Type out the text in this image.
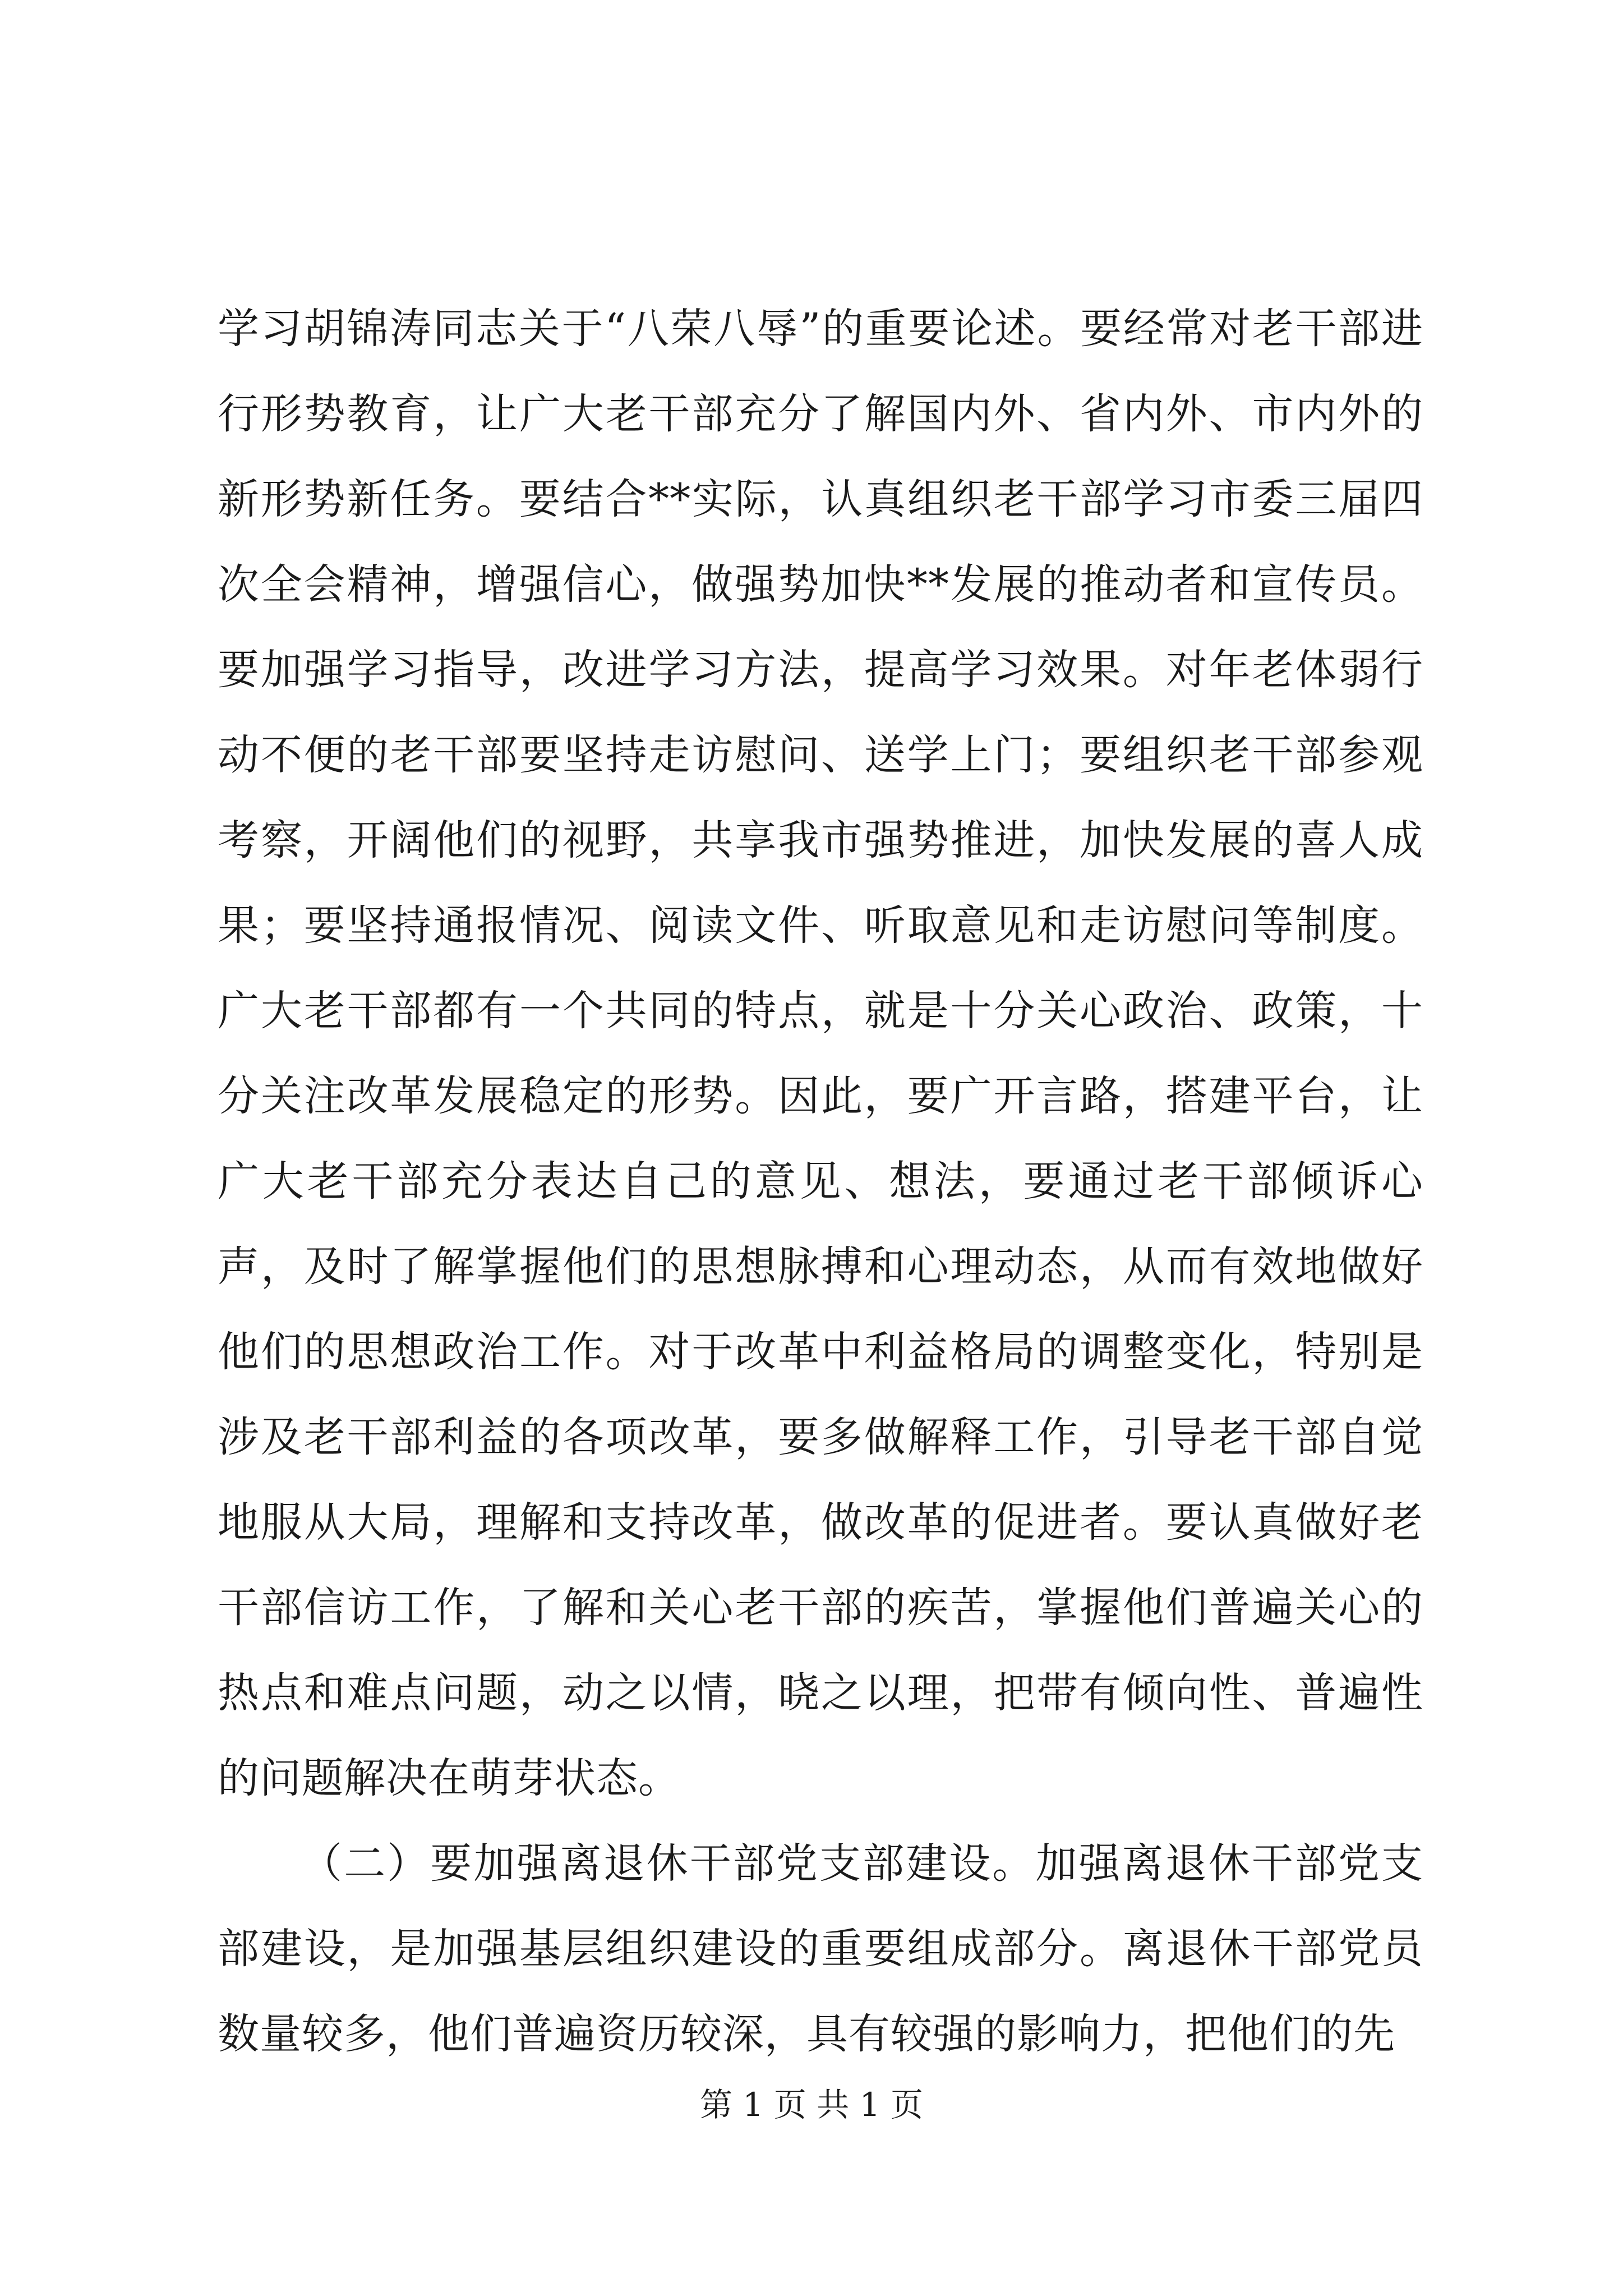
学习胡锦涛同志关于“八荣八辱”的重要论述。要经常对老干部进行形势教育，让广大老干部充分了解国内外、省内外、市内外的新形势新任务。要结合**实际，认真组织老干部学习市委三届四次全会精神，增强信心，做强势加快**发展的推动者和宣传员。要加强学习指导，改进学习方法，提高学习效果。对年老体弱行动不便的老干部要坚持走访慰问、送学上门；要组织老干部参观考察，开阔他们的视野，共享我市强势推进，加快发展的喜人成果；要坚持通报情况、阅读文件、听取意见和走访慰问等制度。广大老干部都有一个共同的特点，就是十分关心政治、政策，十分关注改革发展稳定的形势。因此，要广开言路，搭建平台，让广大老干部充分表达自己的意见、想法，要通过老干部倾诉心声，及时了解掌握他们的思想脉搏和心理动态，从而有效地做好他们的思想政治工作。对于改革中利益格局的调整变化，特别是涉及老干部利益的各项改革，要多做解释工作，引导老干部自觉地服从大局，理解和支持改革，做改革的促进者。要认真做好老干部信访工作，了解和关心老干部的疾苦，掌握他们普遍关心的热点和难点问题，动之以情，晓之以理，把带有倾向性、普遍性的问题解决在萌芽状态。

（二）要加强离退休干部党支部建设。加强离退休干部党支部建设，是加强基层组织建设的重要组成部分。离退休干部党员数量较多，他们普遍资历较深，具有较强的影响力，把他们的先

第 1 页 共 1 页
